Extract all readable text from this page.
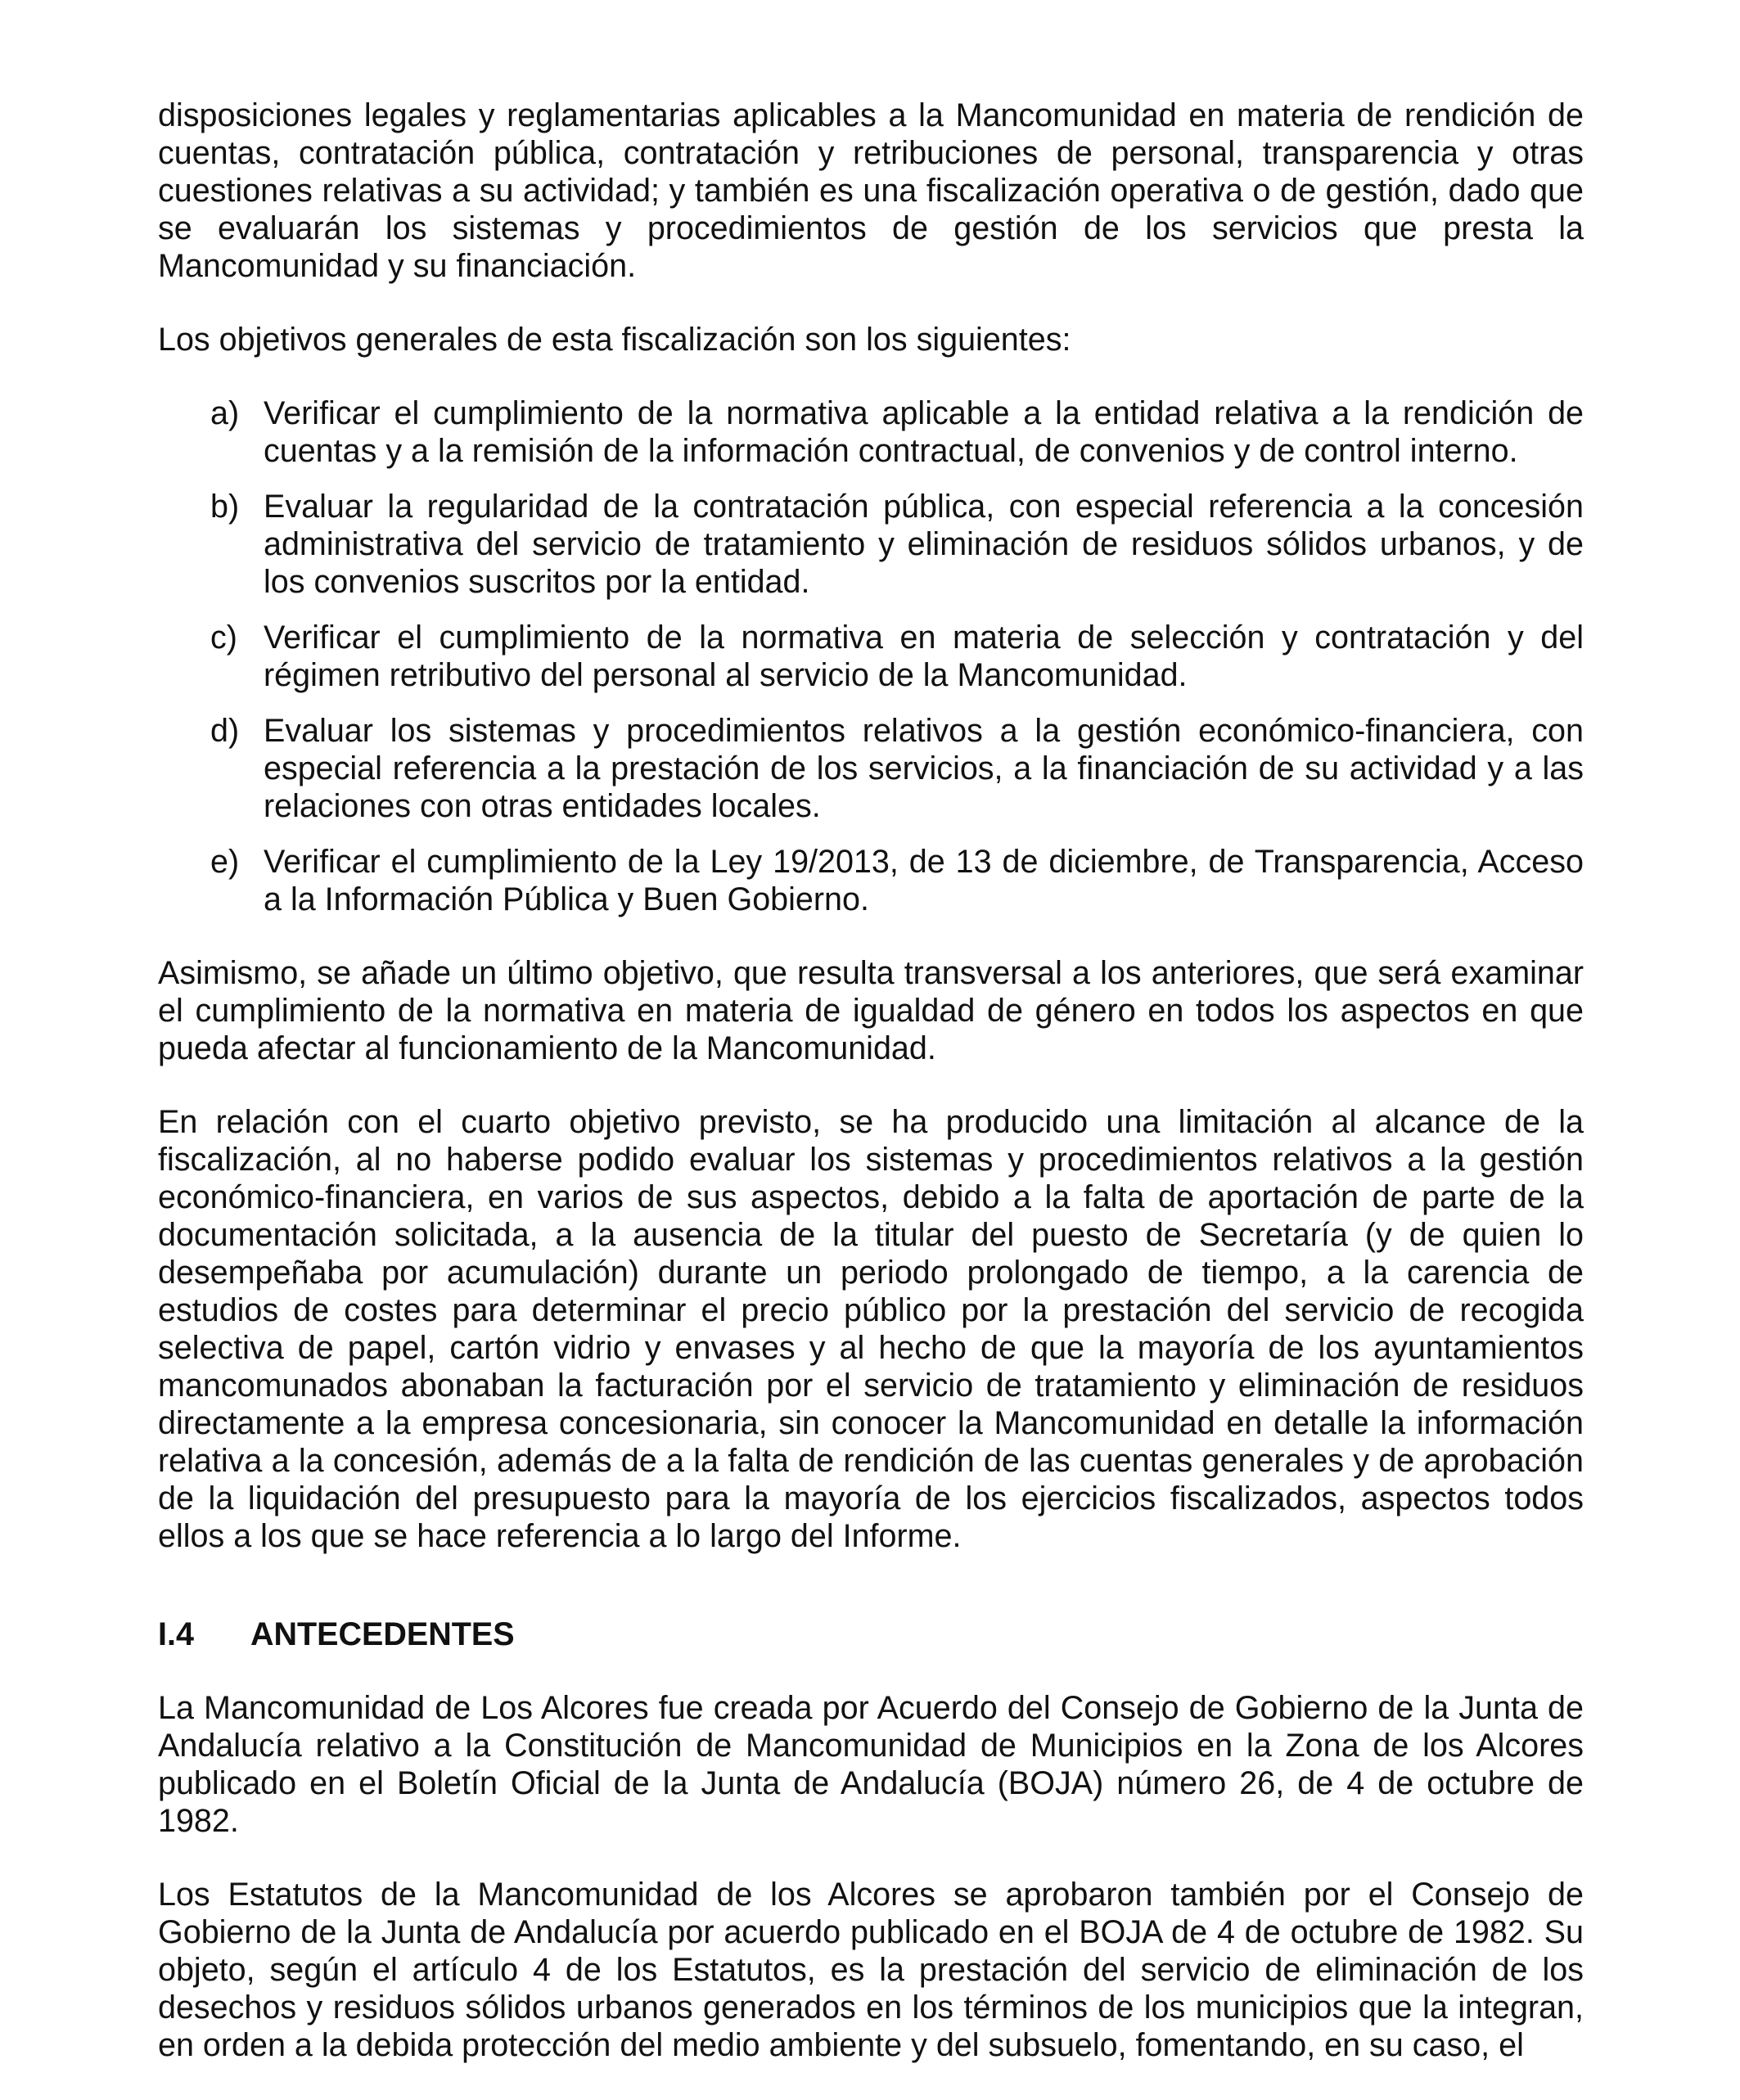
disposiciones legales y reglamentarias aplicables a la Mancomunidad en materia de rendición de cuentas, contratación pública, contratación y retribuciones de personal, transparencia y otras cuestiones relativas a su actividad; y también es una fiscalización operativa o de gestión, dado que se evaluarán los sistemas y procedimientos de gestión de los servicios que presta la Mancomunidad y su financiación.

Los objetivos generales de esta fiscalización son los siguientes:

a) Verificar el cumplimiento de la normativa aplicable a la entidad relativa a la rendición de cuentas y a la remisión de la información contractual, de convenios y de control interno.
b) Evaluar la regularidad de la contratación pública, con especial referencia a la concesión administrativa del servicio de tratamiento y eliminación de residuos sólidos urbanos, y de los convenios suscritos por la entidad.
c) Verificar el cumplimiento de la normativa en materia de selección y contratación y del régimen retributivo del personal al servicio de la Mancomunidad.
d) Evaluar los sistemas y procedimientos relativos a la gestión económico-financiera, con especial referencia a la prestación de los servicios, a la financiación de su actividad y a las relaciones con otras entidades locales.
e) Verificar el cumplimiento de la Ley 19/2013, de 13 de diciembre, de Transparencia, Acceso a la Información Pública y Buen Gobierno.

Asimismo, se añade un último objetivo, que resulta transversal a los anteriores, que será examinar el cumplimiento de la normativa en materia de igualdad de género en todos los aspectos en que pueda afectar al funcionamiento de la Mancomunidad.

En relación con el cuarto objetivo previsto, se ha producido una limitación al alcance de la fiscalización, al no haberse podido evaluar los sistemas y procedimientos relativos a la gestión económico-financiera, en varios de sus aspectos, debido a la falta de aportación de parte de la documentación solicitada, a la ausencia de la titular del puesto de Secretaría (y de quien lo desempeñaba por acumulación) durante un periodo prolongado de tiempo, a la carencia de estudios de costes para determinar el precio público por la prestación del servicio de recogida selectiva de papel, cartón vidrio y envases y al hecho de que la mayoría de los ayuntamientos mancomunados abonaban la facturación por el servicio de tratamiento y eliminación de residuos directamente a la empresa concesionaria, sin conocer la Mancomunidad en detalle la información relativa a la concesión, además de a la falta de rendición de las cuentas generales y de aprobación de la liquidación del presupuesto para la mayoría de los ejercicios fiscalizados, aspectos todos ellos a los que se hace referencia a lo largo del Informe.

I.4 ANTECEDENTES

La Mancomunidad de Los Alcores fue creada por Acuerdo del Consejo de Gobierno de la Junta de Andalucía relativo a la Constitución de Mancomunidad de Municipios en la Zona de los Alcores publicado en el Boletín Oficial de la Junta de Andalucía (BOJA) número 26, de 4 de octubre de 1982.

Los Estatutos de la Mancomunidad de los Alcores se aprobaron también por el Consejo de Gobierno de la Junta de Andalucía por acuerdo publicado en el BOJA de 4 de octubre de 1982. Su objeto, según el artículo 4 de los Estatutos, es la prestación del servicio de eliminación de los desechos y residuos sólidos urbanos generados en los términos de los municipios que la integran, en orden a la debida protección del medio ambiente y del subsuelo, fomentando, en su caso, el
